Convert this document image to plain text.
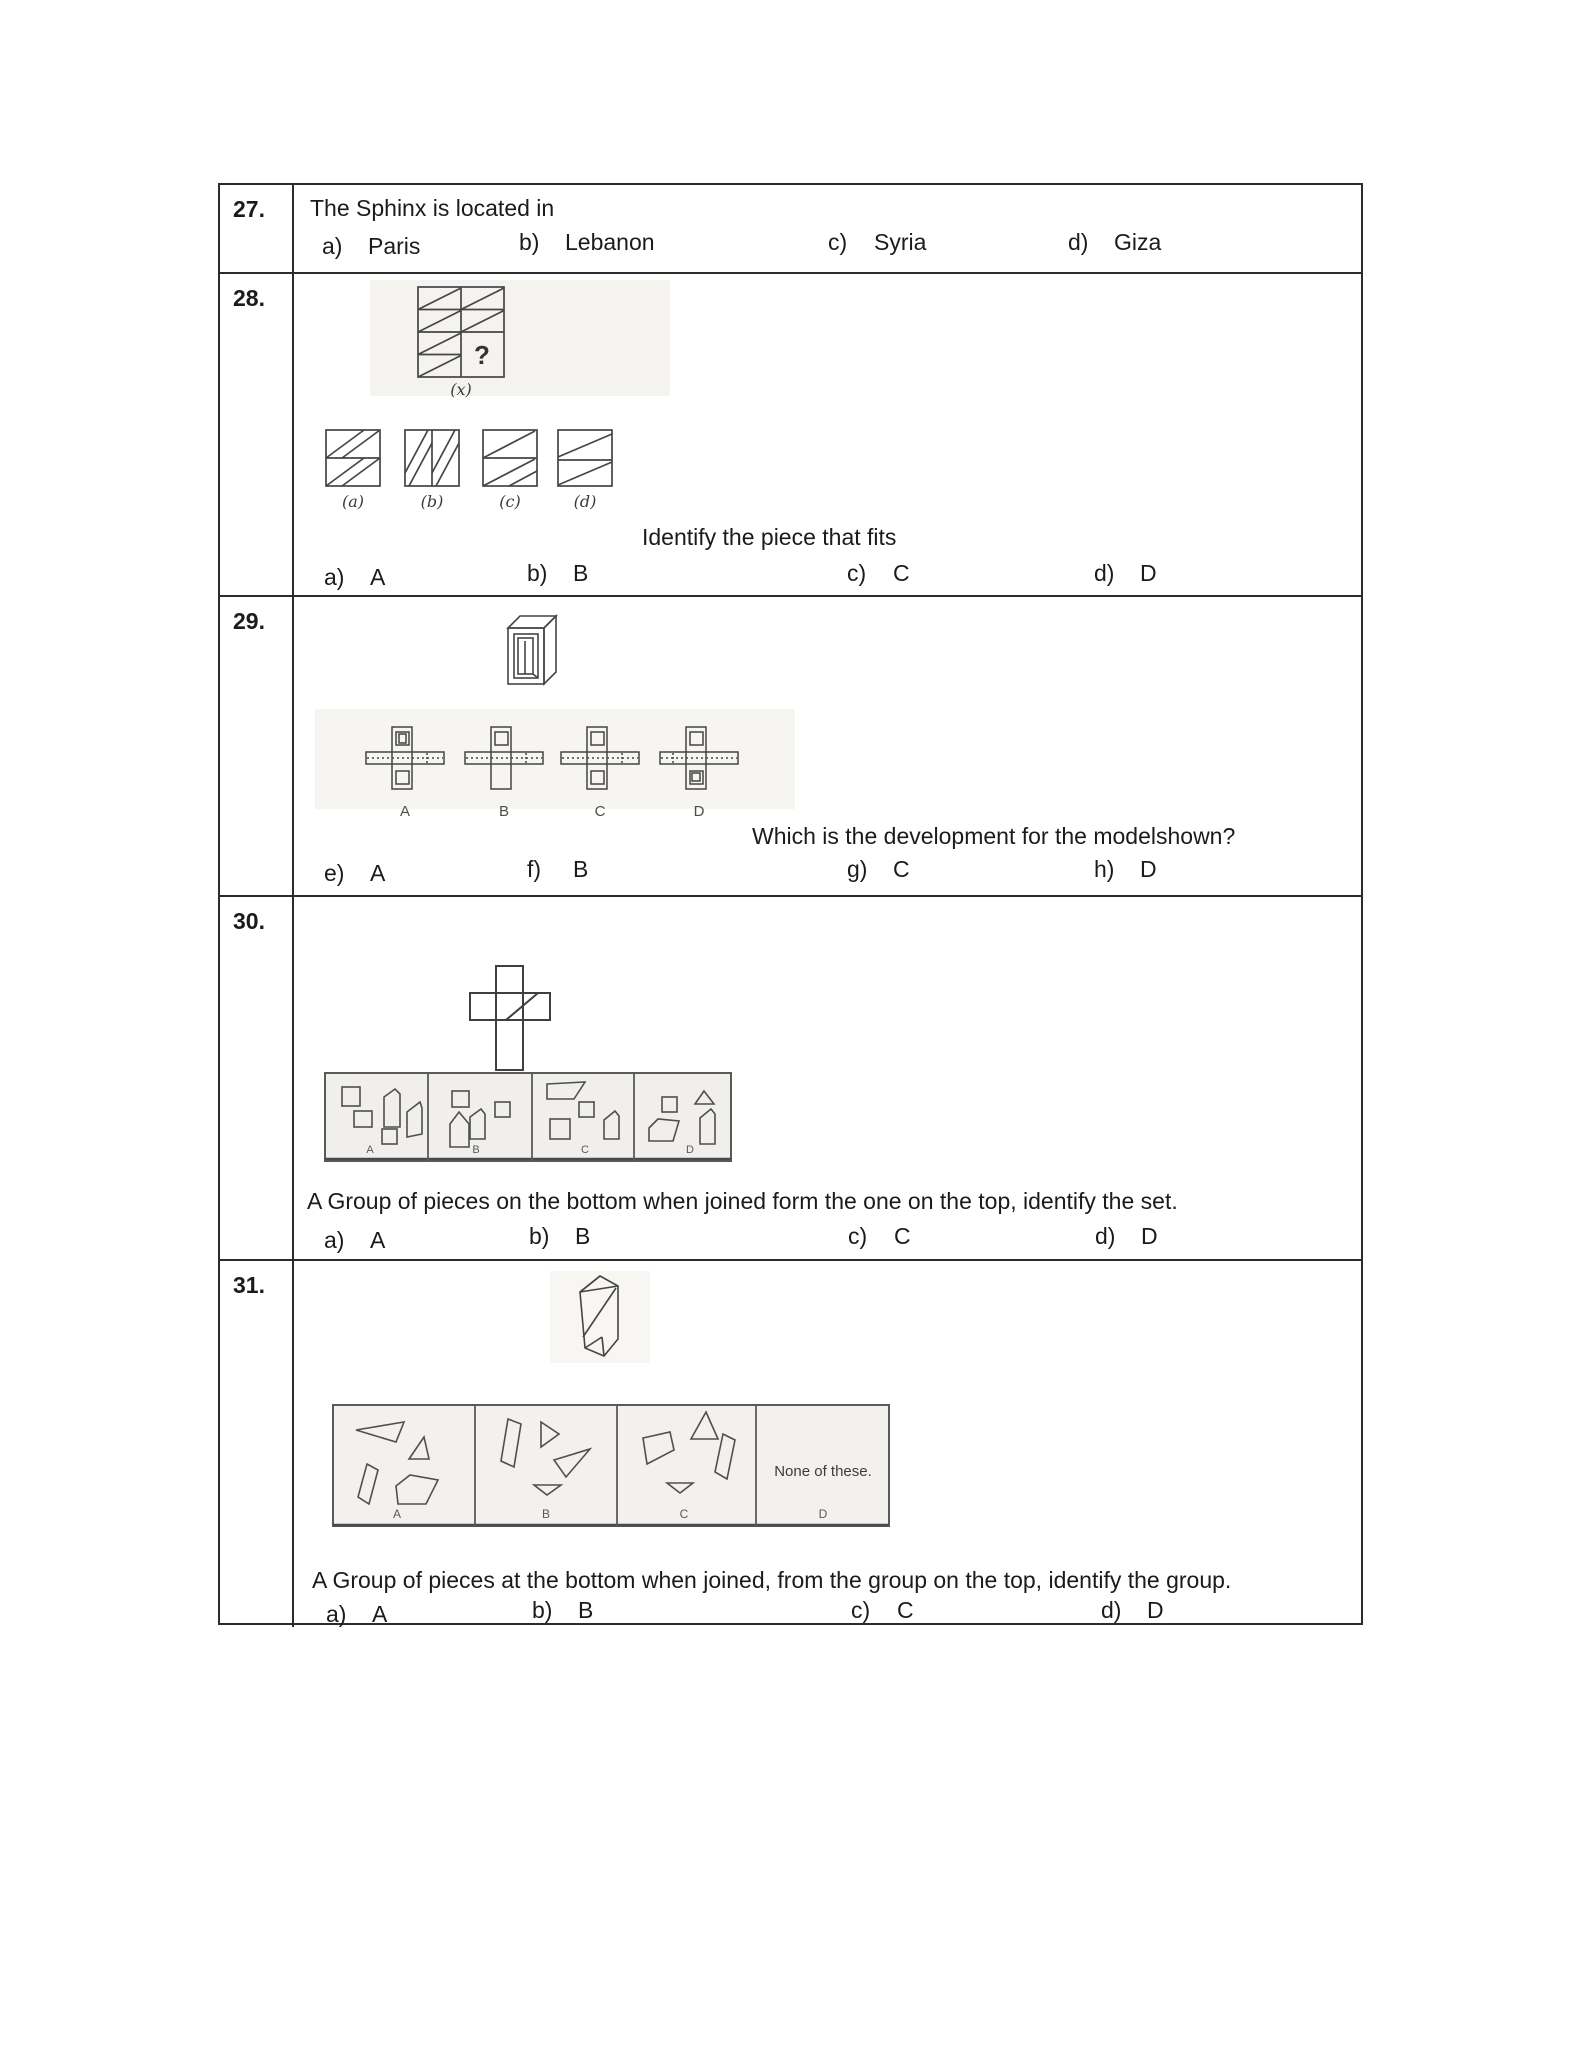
27. The Sphinx is located in
a) Paris	b) Lebanon	c) Syria	d) Giza
28.
?
(x)
(a)	(b)	(c)	(d)
Identify the piece that fits
a) A	b) B	c) C	d) D
29.
A	B	C	D
Which is the development for the modelshown?
e) A	f)	B	g) C	h) D
30.
A	B	C	D
A Group of pieces on the bottom when joined form the one on the top, identify the set.
a) A	b) B	c) C	d) D
31.
None of these.
A	B	C	D
A Group of pieces at the bottom when joined, from the group on the top, identify the group.
a) A	b) B	c) C	d) D
